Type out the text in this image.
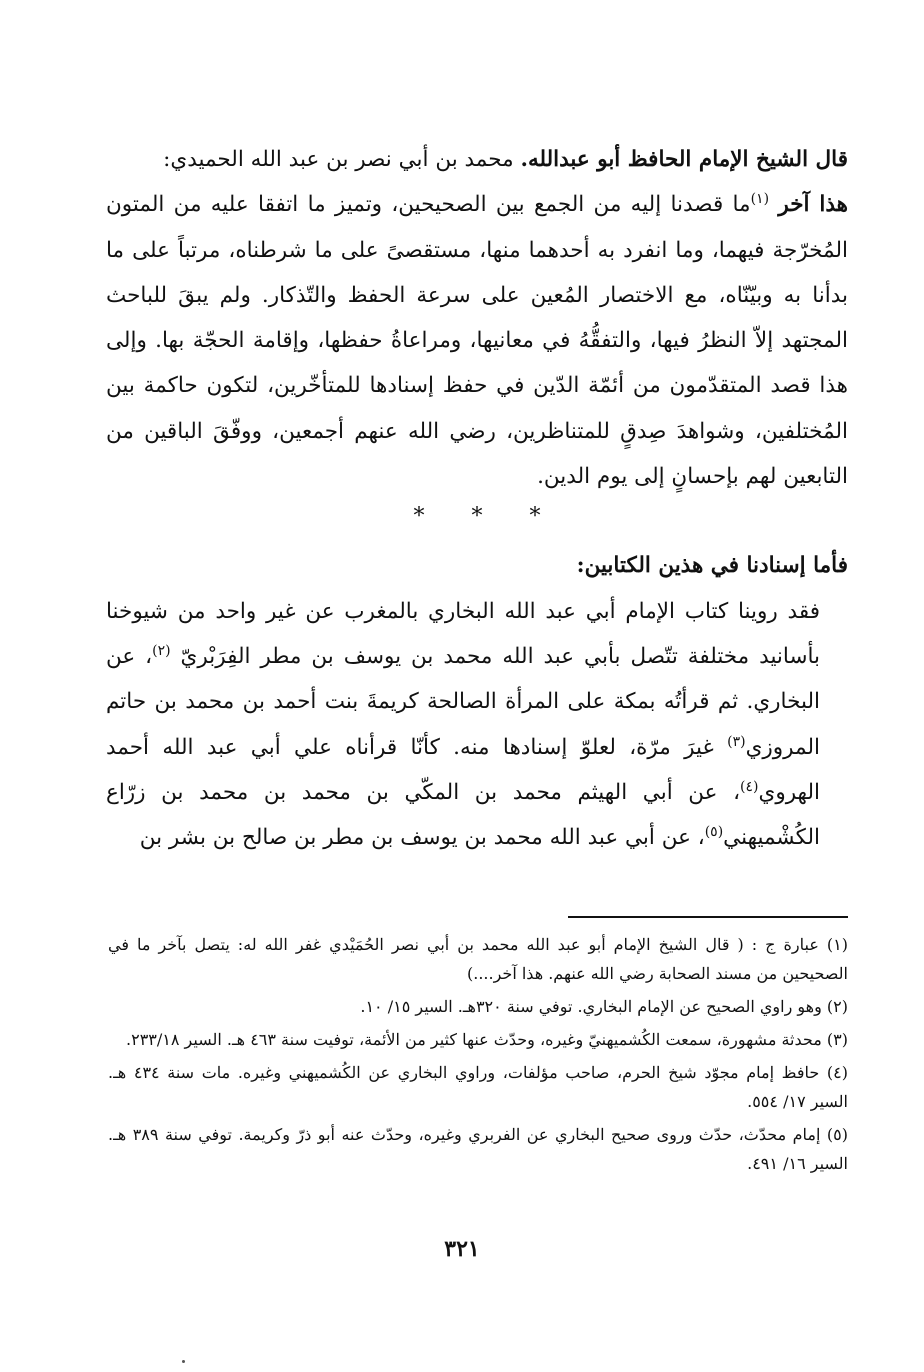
قال الشيخ الإمام الحافظ أبو عبدالله. محمد بن أبي نصر بن عبد الله الحميدي:

هذا آخر $^{(١)}$ما قصدنا إليه من الجمع بين الصحيحين، وتميز ما اتفقا عليه من المتون المُخرّجة فيهما، وما انفرد به أحدهما منها، مستقصىً على ما شرطناه، مرتباً على ما بدأنا به وبيّنّاه، مع الاختصار المُعين على سرعة الحفظ والتّذكار. ولم يبقَ للباحث المجتهد إلاّ النظرُ فيها، والتفقُّهُ في معانيها، ومراعاةُ حفظها، وإقامة الحجّة بها. وإلى هذا قصد المتقدّمون من أئمّة الدّين في حفظ إسنادها للمتأخّرين، لتكون حاكمة بين المُختلفين، وشواهدَ صِدقٍ للمتناظرين، رضي الله عنهم أجمعين، ووفّقَ الباقين من التابعين لهم بإحسانٍ إلى يوم الدين.

* * *

فأما إسنادنا في هذين الكتابين:

فقد روينا كتاب الإمام أبي عبد الله البخاري بالمغرب عن غير واحد من شيوخنا بأسانيد مختلفة تتّصل بأبي عبد الله محمد بن يوسف بن مطر الفِرَبْريّ $^{(٢)}$، عن البخاري. ثم قرأتُه بمكة على المرأة الصالحة كريمةَ بنت أحمد بن محمد بن حاتم المروزي$^{(٣)}$ غيرَ مرّة، لعلوّ إسنادها منه. كأنّا قرأناه علي أبي عبد الله أحمد الهروي$^{(٤)}$، عن أبي الهيثم محمد بن المكّي بن محمد بن محمد بن زرّاع الكُشْميهني$^{(٥)}$، عن أبي عبد الله محمد بن يوسف بن مطر بن صالح بن بشر بن

(١) عبارة ج : ( قال الشيخ الإمام أبو عبد الله محمد بن أبي نصر الحُمَيْدي غفر الله له: يتصل بآخر ما في الصحيحين من مسند الصحابة رضي الله عنهم. هذا آخر....)

(٢) وهو راوي الصحيح عن الإمام البخاري. توفي سنة ٣٢٠هـ. السير ١٥/ ١٠.

(٣) محدثة مشهورة، سمعت الكُشميهنيّ وغيره، وحدّث عنها كثير من الأئمة، توفيت سنة ٤٦٣ هـ. السير ٢٣٣/١٨.

(٤) حافظ إمام مجوّد شيخ الحرم، صاحب مؤلفات، وراوي البخاري عن الكُشميهني وغيره. مات سنة ٤٣٤ هـ. السير ١٧/ ٥٥٤.

(٥) إمام محدّث، حدّث وروى صحيح البخاري عن الفربري وغيره، وحدّث عنه أبو ذرّ وكريمة. توفي سنة ٣٨٩ هـ. السير ١٦/ ٤٩١.

٣٢١
